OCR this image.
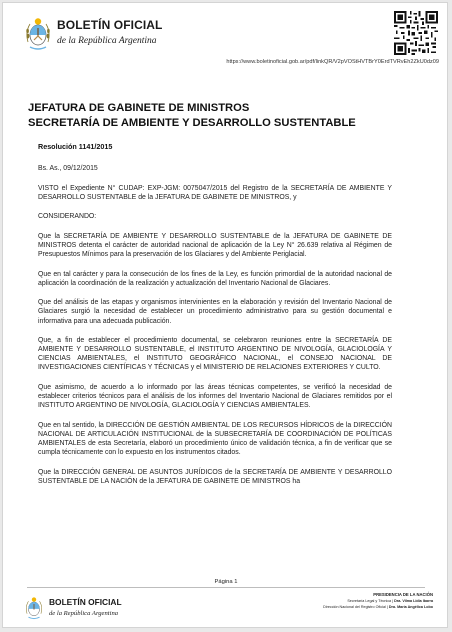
BOLETÍN OFICIAL
de la República Argentina
https://www.boletinoficial.gob.ar/pdf/linkQR/V2pVOStHVTBrY0ErdTVRvEh2ZkU0dz09
JEFATURA DE GABINETE DE MINISTROS
SECRETARÍA DE AMBIENTE Y DESARROLLO SUSTENTABLE
Resolución 1141/2015

Bs. As., 09/12/2015

VISTO el Expediente N° CUDAP: EXP-JGM: 0075047/2015 del Registro de la SECRETARÍA DE AMBIENTE Y DESARROLLO SUSTENTABLE de la JEFATURA DE GABINETE DE MINISTROS, y

CONSIDERANDO:

Que la SECRETARÍA DE AMBIENTE Y DESARROLLO SUSTENTABLE de la JEFATURA DE GABINETE DE MINISTROS detenta el carácter de autoridad nacional de aplicación de la Ley N° 26.639 relativa al Régimen de Presupuestos Mínimos para la preservación de los Glaciares y del Ambiente Periglacial.

Que en tal carácter y para la consecución de los fines de la Ley, es función primordial de la autoridad nacional de aplicación la coordinación de la realización y actualización del Inventario Nacional de Glaciares.

Que del análisis de las etapas y organismos intervinientes en la elaboración y revisión del Inventario Nacional de Glaciares surgió la necesidad de establecer un procedimiento administrativo para su gestión documental e informativa para una adecuada publicación.

Que, a fin de establecer el procedimiento documental, se celebraron reuniones entre la SECRETARÍA DE AMBIENTE Y DESARROLLO SUSTENTABLE, el INSTITUTO ARGENTINO DE NIVOLOGÍA, GLACIOLOGÍA Y CIENCIAS AMBIENTALES, el INSTITUTO GEOGRÁFICO NACIONAL, el CONSEJO NACIONAL DE INVESTIGACIONES CIENTÍFICAS Y TÉCNICAS y el MINISTERIO DE RELACIONES EXTERIORES Y CULTO.

Que asimismo, de acuerdo a lo informado por las áreas técnicas competentes, se verificó la necesidad de establecer criterios técnicos para el análisis de los informes del Inventario Nacional de Glaciares remitidos por el INSTITUTO ARGENTINO DE NIVOLOGÍA, GLACIOLOGÍA Y CIENCIAS AMBIENTALES.

Que en tal sentido, la DIRECCIÓN DE GESTIÓN AMBIENTAL DE LOS RECURSOS HÍDRICOS de la DIRECCIÓN NACIONAL DE ARTICULACIÓN INSTITUCIONAL de la SUBSECRETARÍA DE COORDINACIÓN DE POLÍTICAS AMBIENTALES de esta Secretaría, elaboró un procedimiento único de validación técnica, a fin de verificar que se cumpla técnicamente con lo expuesto en los instrumentos citados.

Que la DIRECCIÓN GENERAL DE ASUNTOS JURÍDICOS de la SECRETARÍA DE AMBIENTE Y DESARROLLO SUSTENTABLE DE LA NACIÓN de la JEFATURA DE GABINETE DE MINISTROS ha

Página 1
BOLETÍN OFICIAL
de la República Argentina
PRESIDENCIA DE LA NACIÓN
Secretaría Legal y Técnica | Dra. Vilma Lidia Ibarra
Dirección Nacional del Registro Oficial | Dra. María Angélica Lobo
